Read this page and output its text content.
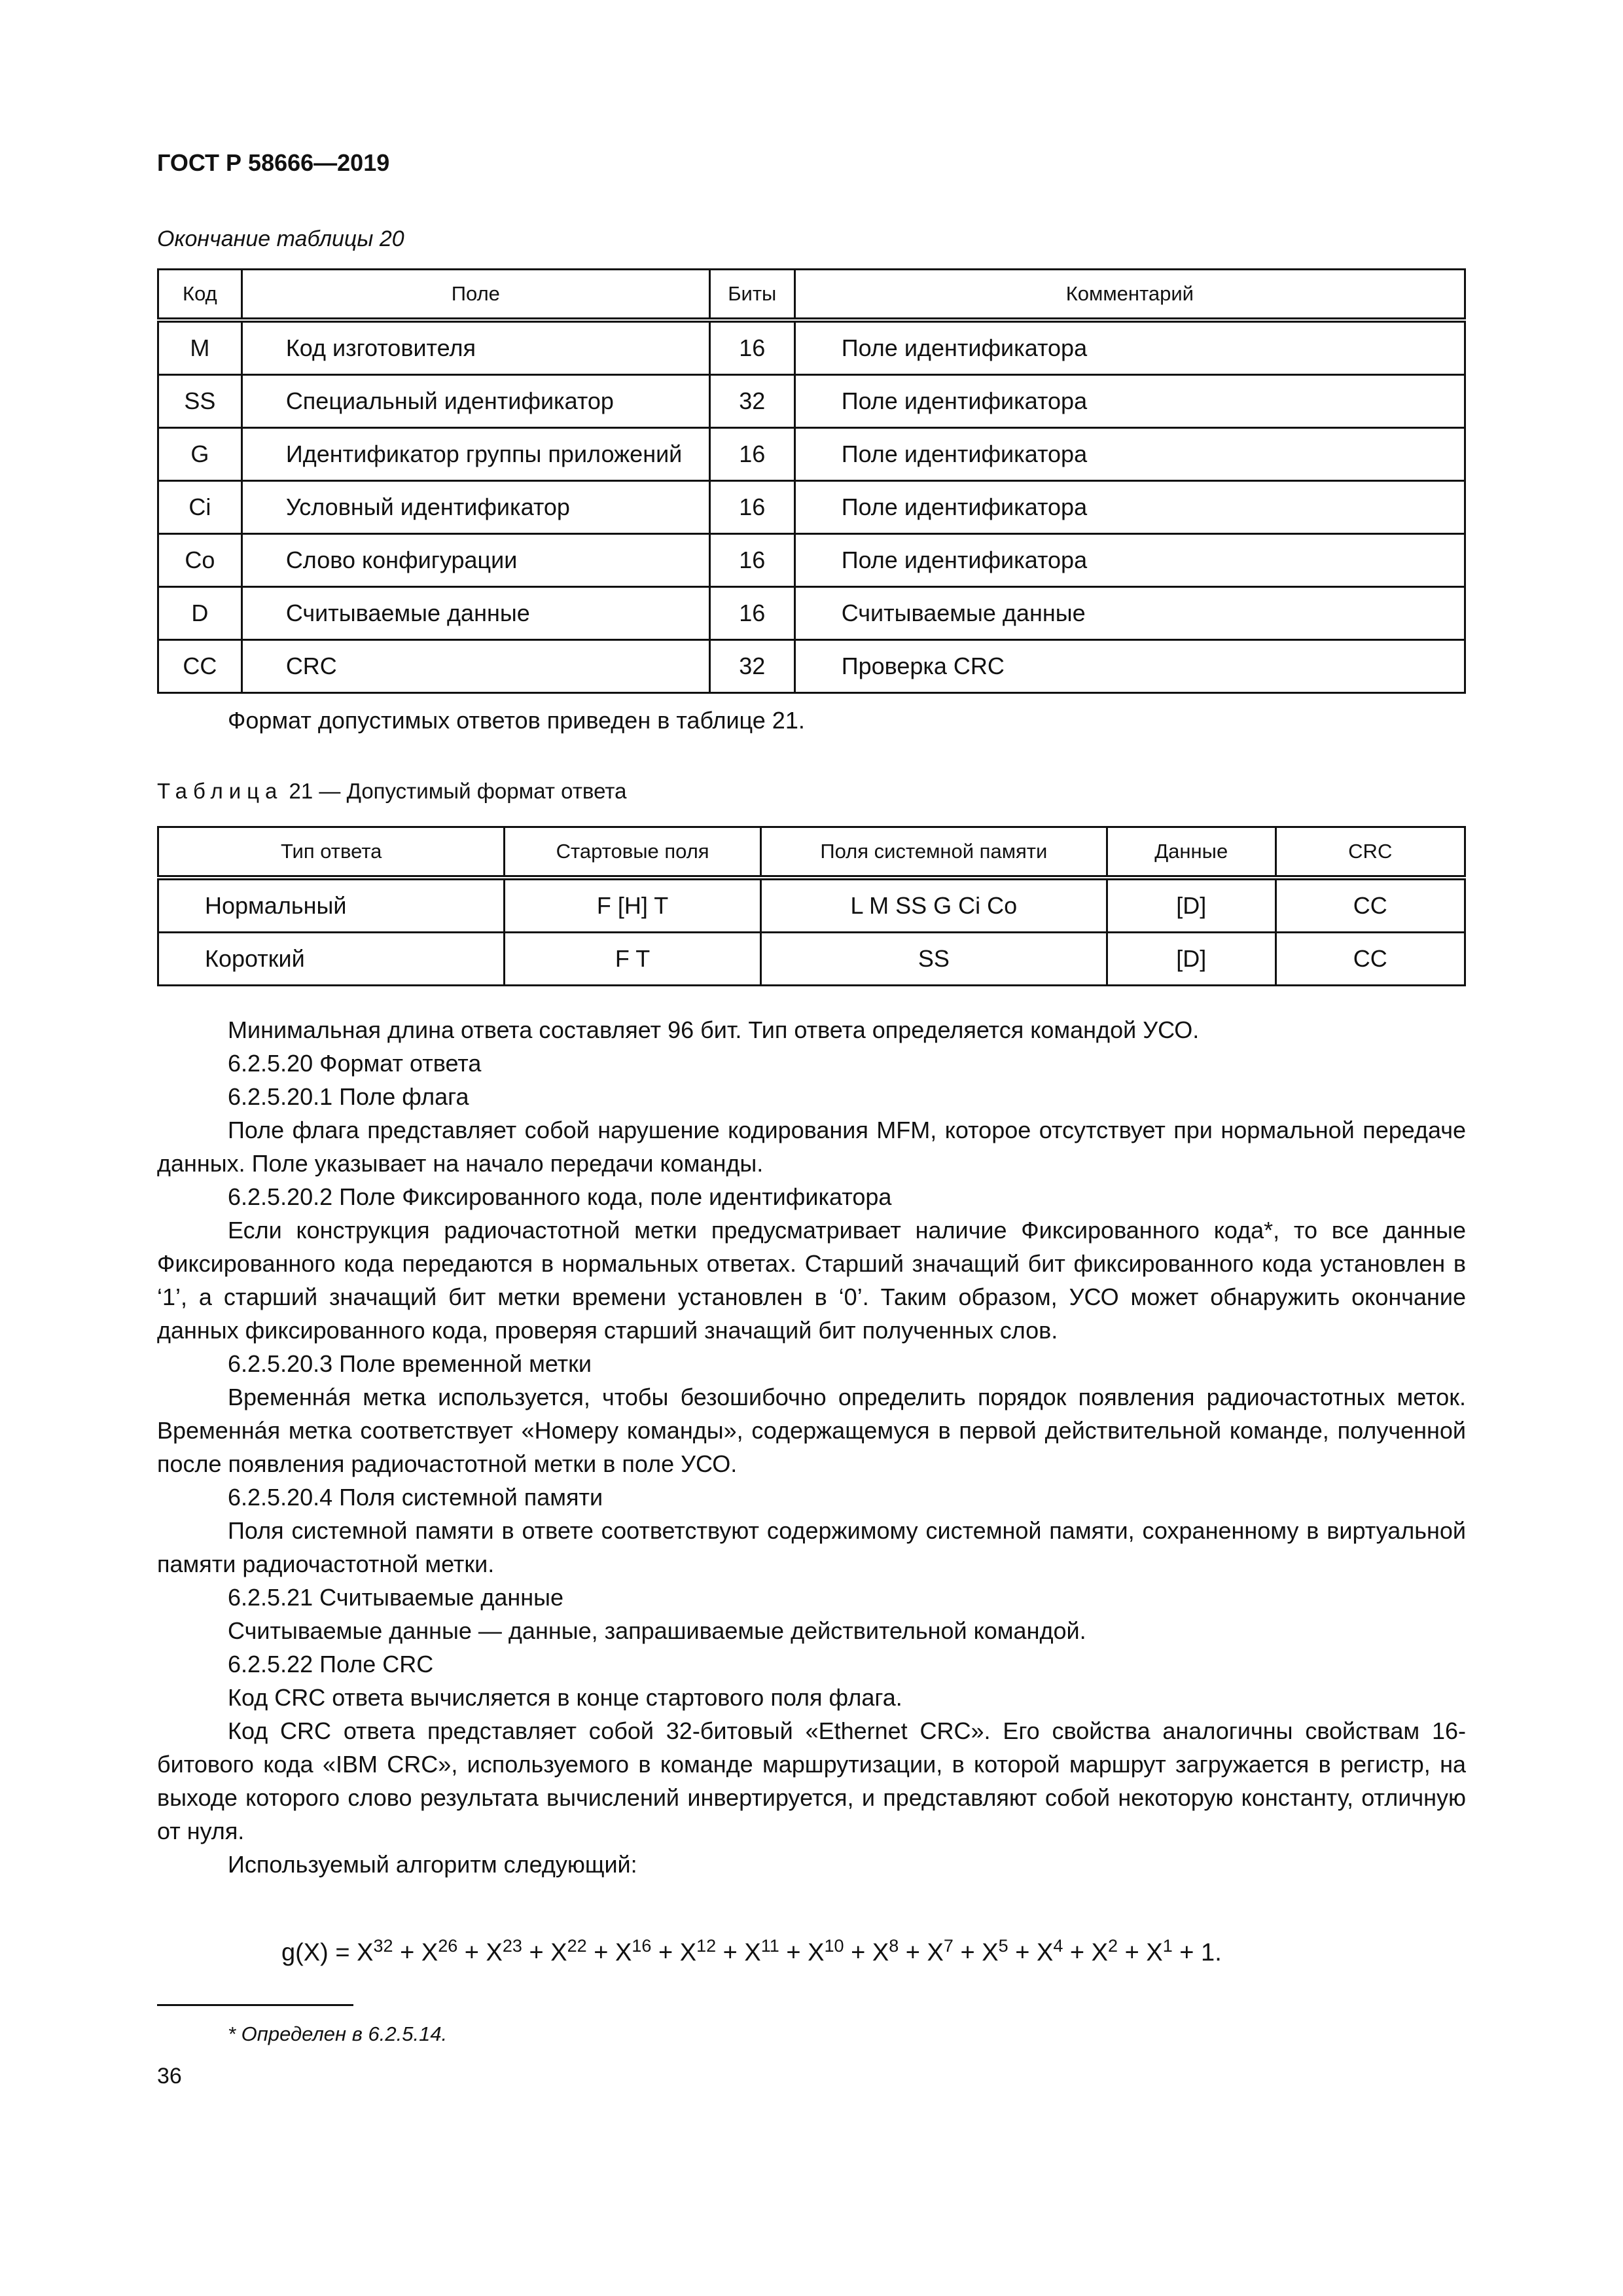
ГОСТ Р 58666—2019
Окончание таблицы 20
Код	Поле	Биты	Комментарий
M	Код изготовителя	16	Поле идентификатора
SS	Специальный идентификатор	32	Поле идентификатора
G	Идентификатор группы приложений	16	Поле идентификатора
Ci	Условный идентификатор	16	Поле идентификатора
Co	Слово конфигурации	16	Поле идентификатора
D	Считываемые данные	16	Считываемые данные
CC	CRC	32	Проверка CRC
Формат допустимых ответов приведен в таблице 21.
Таблица 21 — Допустимый формат ответа
Тип ответа	Стартовые поля	Поля системной памяти	Данные	CRC
Нормальный	F [H] T	L M SS G Ci Co	[D]	CC
Короткий	F T	SS	[D]	CC

Минимальная длина ответа составляет 96 бит. Тип ответа определяется командой УСО.

6.2.5.20 Формат ответа

6.2.5.20.1 Поле флага

Поле флага представляет собой нарушение кодирования MFM, которое отсутствует при нормальной передаче данных. Поле указывает на начало передачи команды.

6.2.5.20.2 Поле Фиксированного кода, поле идентификатора

Если конструкция радиочастотной метки предусматривает наличие Фиксированного кода*, то все данные Фиксированного кода передаются в нормальных ответах. Старший значащий бит фиксированного кода установлен в ‘1’, а старший значащий бит метки времени установлен в ‘0’. Таким образом, УСО может обнаружить окончание данных фиксированного кода, проверяя старший значащий бит полученных слов.

6.2.5.20.3 Поле временной метки

Временнáя метка используется, чтобы безошибочно определить порядок появления радиочастотных меток. Временнáя метка соответствует «Номеру команды», содержащемуся в первой действительной команде, полученной после появления радиочастотной метки в поле УСО.

6.2.5.20.4 Поля системной памяти

Поля системной памяти в ответе соответствуют содержимому системной памяти, сохраненному в виртуальной памяти радиочастотной метки.

6.2.5.21 Считываемые данные

Считываемые данные — данные, запрашиваемые действительной командой.

6.2.5.22 Поле CRC

Код CRC ответа вычисляется в конце стартового поля флага.

Код CRC ответа представляет собой 32-битовый «Ethernet CRC». Его свойства аналогичны свойствам 16-битового кода «IBM CRC», используемого в команде маршрутизации, в которой маршрут загружается в регистр, на выходе которого слово результата вычислений инвертируется, и представляют собой некоторую константу, отличную от нуля.

Используемый алгоритм следующий:

$g(X) = X^{32} + X^{26} + X^{23} + X^{22} + X^{16} + X^{12} + X^{11} + X^{10} + X^8 + X^7 + X^5 + X^4 + X^2 + X^1 + 1$.
* Определен в 6.2.5.14.
36
